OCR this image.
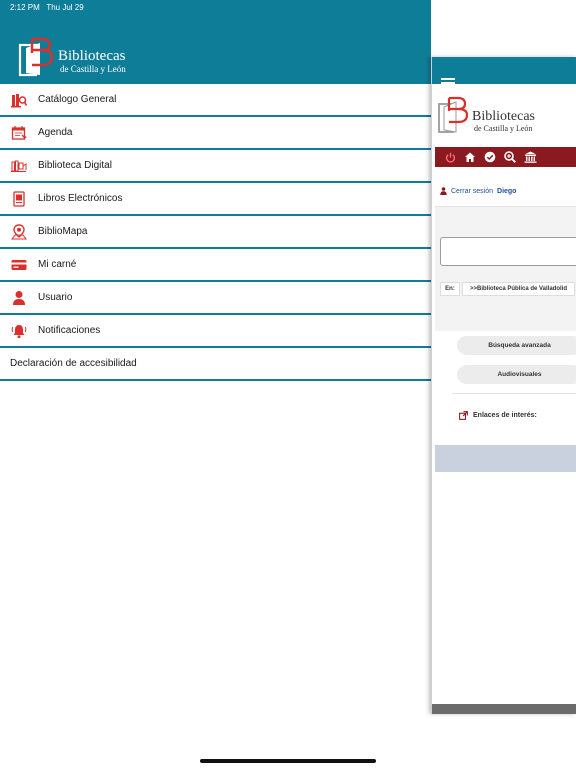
Bibliotecas
de Castilla y León
2:12 PM Thu Jul 29	100%
Catálogo General
Agenda
Biblioteca Digital
Libros Electrónicos
BiblioMapa
Mi carné
Usuario
Notificaciones
Declaración de accesibilidad
Bibliotecas
de Castilla y León
Cerrar sesión Diego
En:	>>Biblioteca Pública de Valladolid
Búsqueda avanzada
Audiovisuales
Enlaces de interés:
